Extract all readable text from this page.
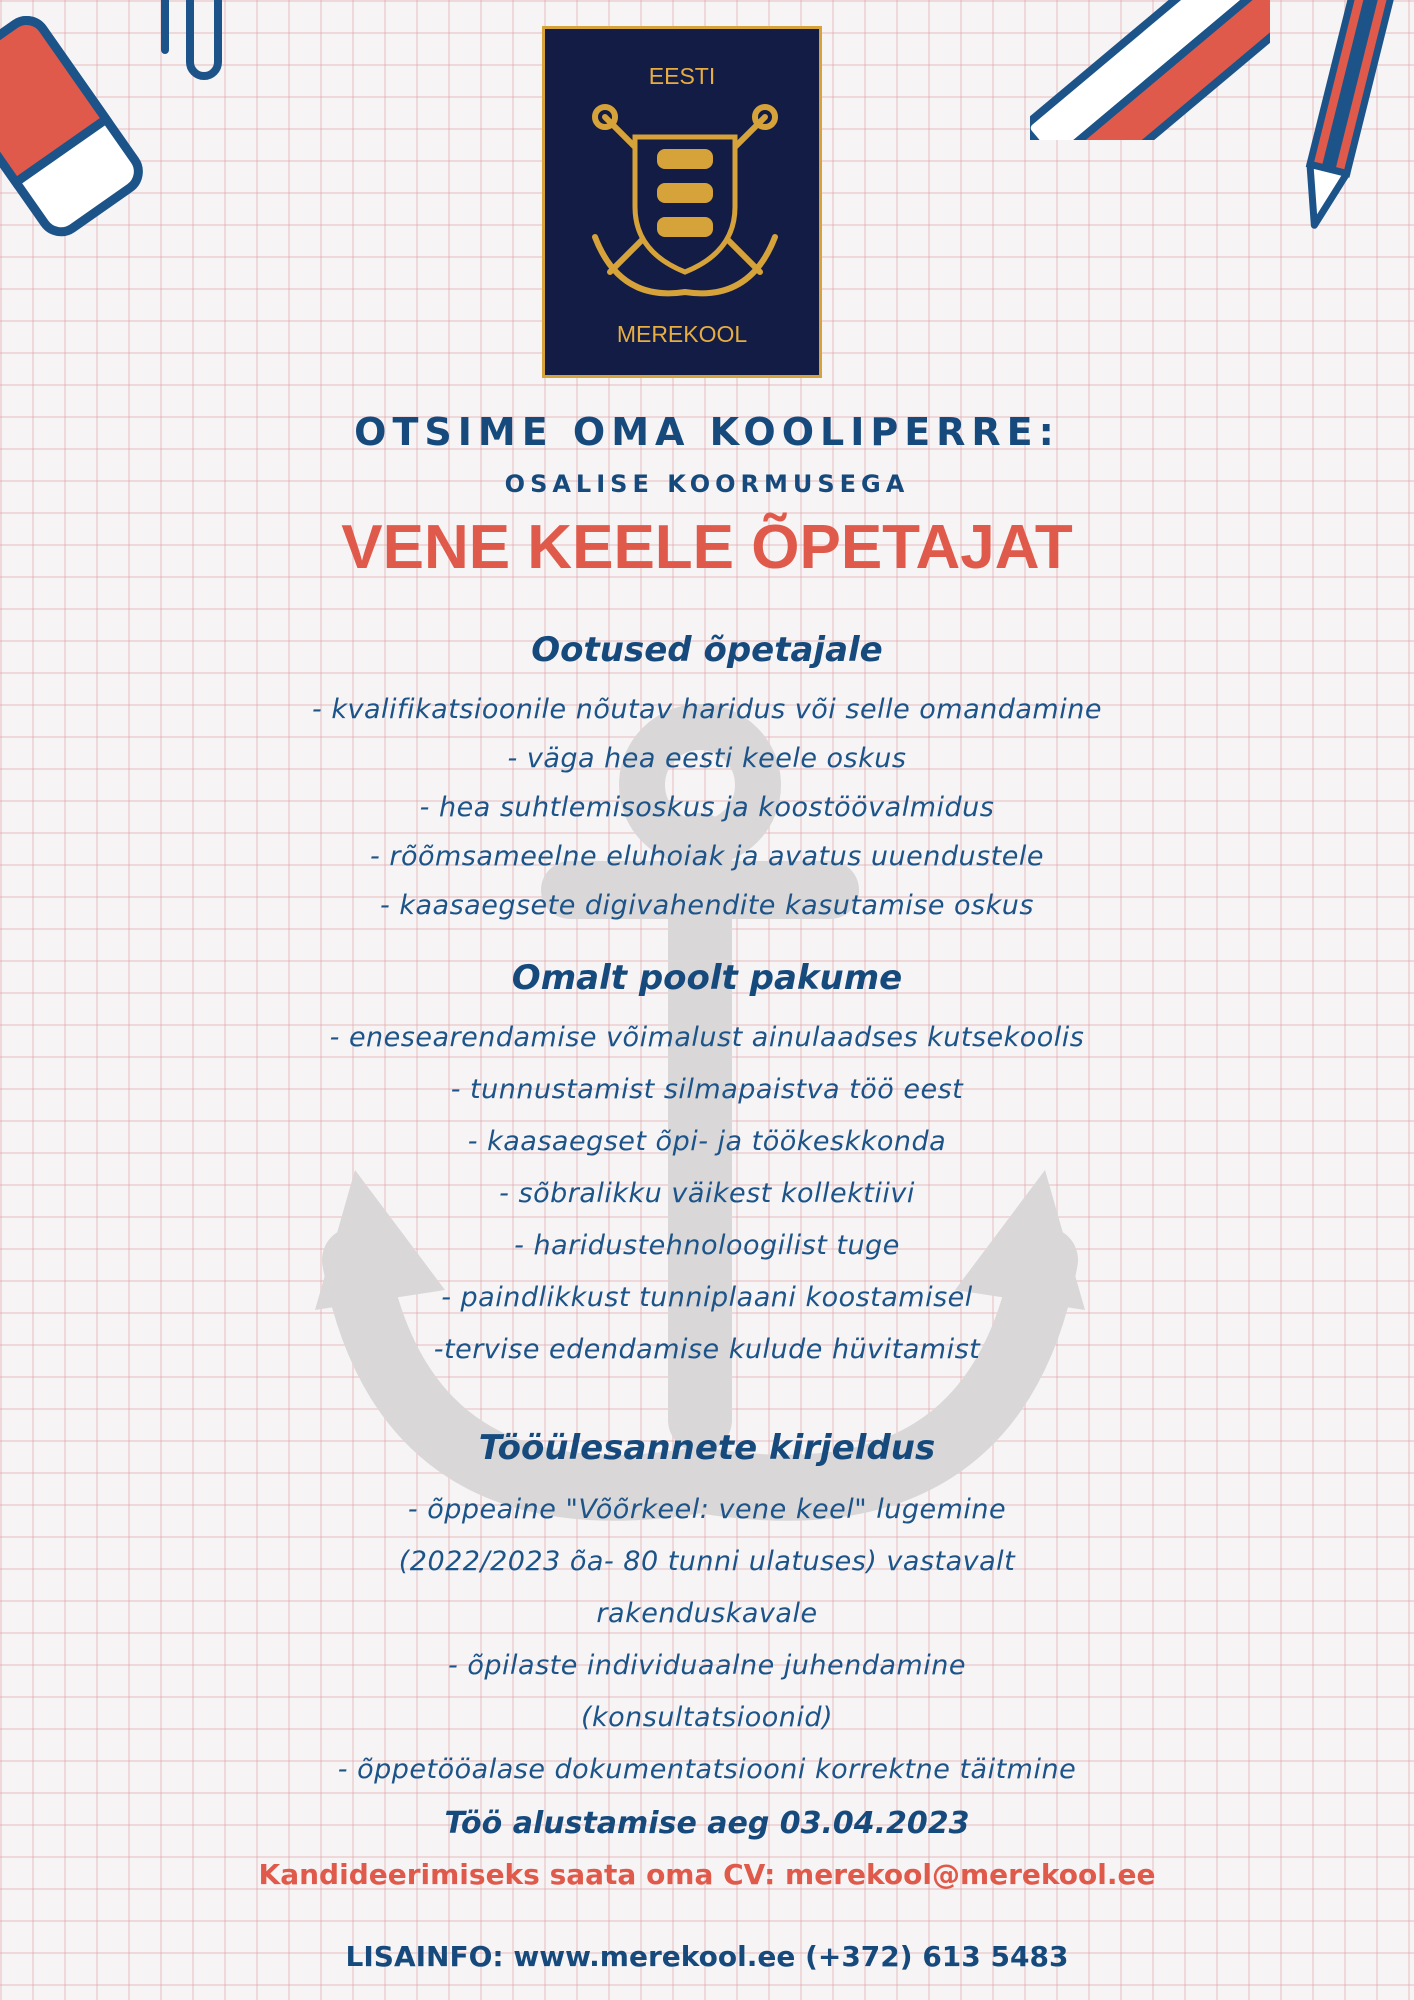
EESTI
MEREKOOL
OTSIME OMA KOOLIPERRE:
OSALISE KOORMUSEGA
VENE KEELE ÕPETAJAT
Ootused õpetajale
- kvalifikatsioonile nõutav haridus või selle omandamine
- väga hea eesti keele oskus
- hea suhtlemisoskus ja koostöövalmidus
- rõõmsameelne eluhoiak ja avatus uuendustele
- kaasaegsete digivahendite kasutamise oskus
Omalt poolt pakume
- enesearendamise võimalust ainulaadses kutsekoolis
- tunnustamist silmapaistva töö eest
- kaasaegset õpi- ja töökeskkonda
- sõbralikku väikest kollektiivi
- haridustehnoloogilist tuge
- paindlikkust tunniplaani koostamisel
-tervise edendamise kulude hüvitamist
Tööülesannete kirjeldus
- õppeaine "Võõrkeel: vene keel" lugemine
(2022/2023 õa- 80 tunni ulatuses) vastavalt
rakenduskavale
- õpilaste individuaalne juhendamine
(konsultatsioonid)
- õppetööalase dokumentatsiooni korrektne täitmine
Töö alustamise aeg 03.04.2023
Kandideerimiseks saata oma CV: merekool@merekool.ee
LISAINFO: www.merekool.ee (+372) 613 5483
